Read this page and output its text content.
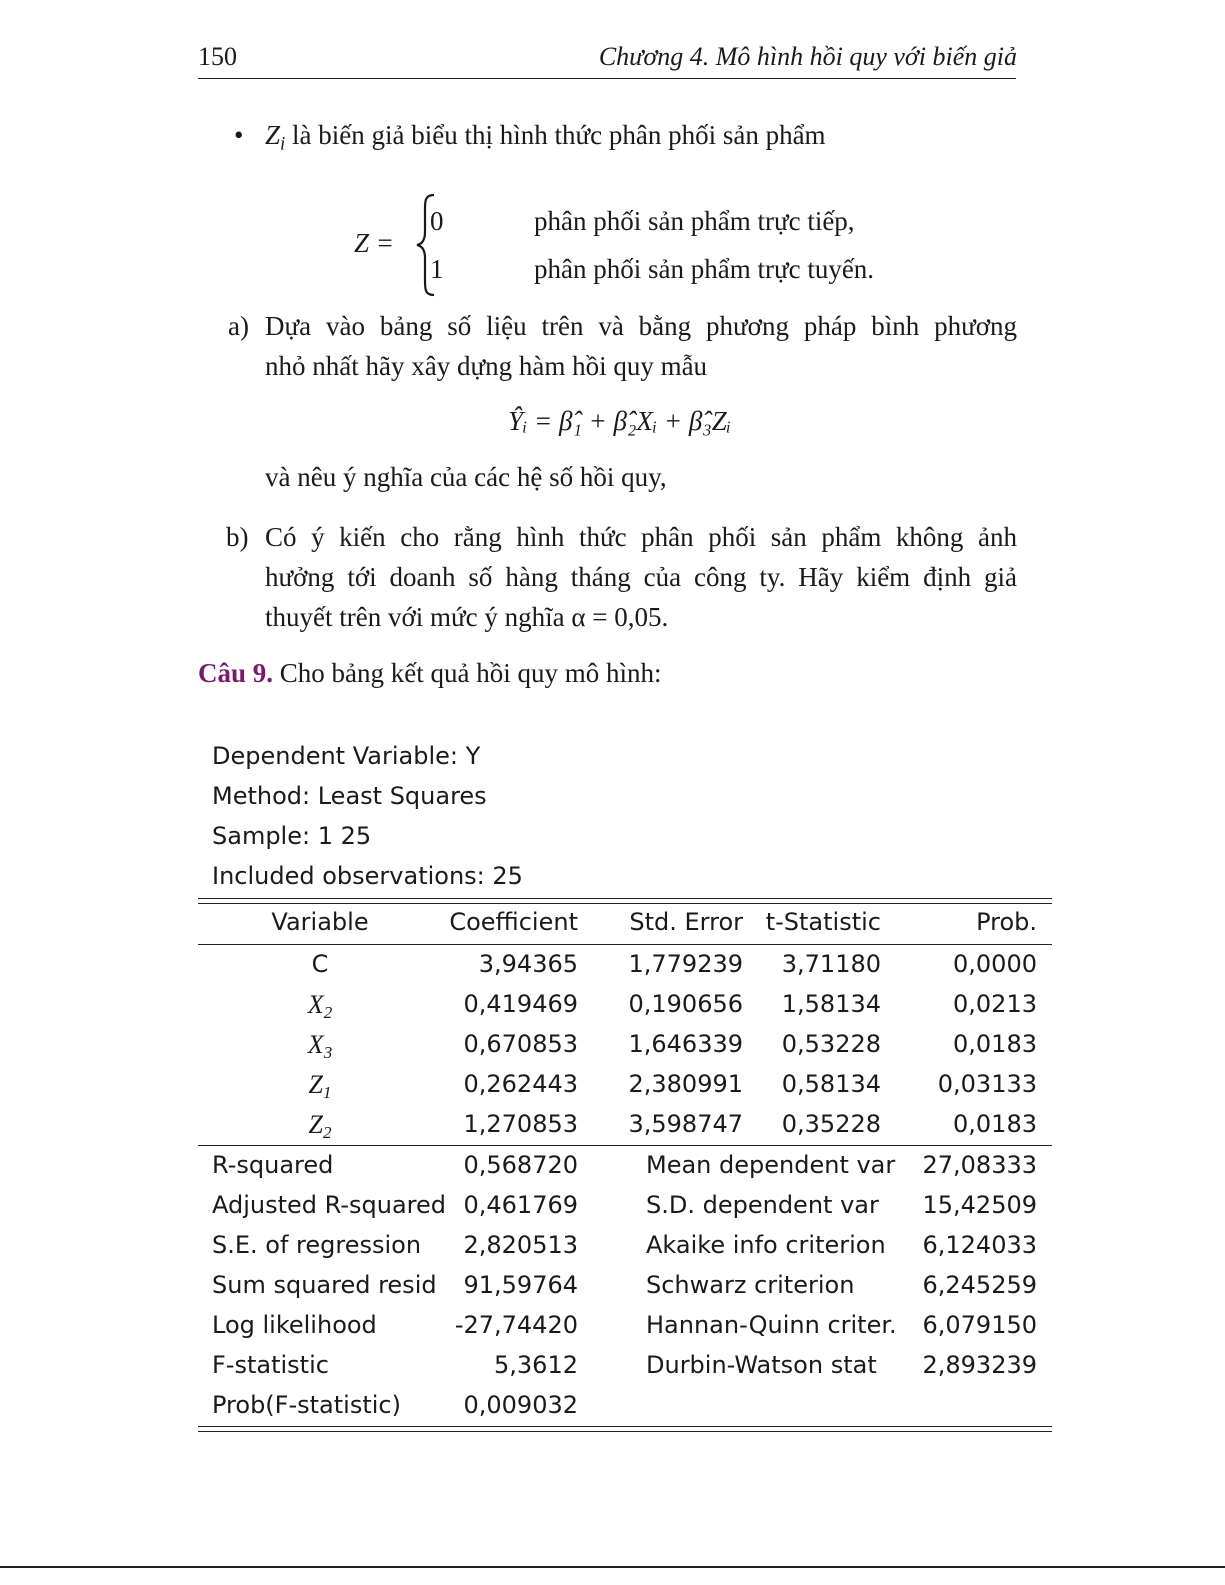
150	Chương 4. Mô hình hồi quy với biến giả
• $Z_i$ là biến giả biểu thị hình thức phân phối sản phẩm
Z =
0	phân phối sản phẩm trực tiếp,
1	phân phối sản phẩm trực tuyến.
a) Dựa vào bảng số liệu trên và bằng phương pháp bình phương
nhỏ nhất hãy xây dựng hàm hồi quy mẫu
Ŷᵢ = β̂₁ + β̂₂Xᵢ + β̂₃Zᵢ
và nêu ý nghĩa của các hệ số hồi quy,
b) Có ý kiến cho rằng hình thức phân phối sản phẩm không ảnh
hưởng tới doanh số hàng tháng của công ty. Hãy kiểm định giả
thuyết trên với mức ý nghĩa α = 0,05.
Câu 9. Cho bảng kết quả hồi quy mô hình:
Dependent Variable: Y
Method: Least Squares
Sample: 1 25
Included observations: 25
Variable	Coefficient	Std. Error t-Statistic	Prob.
C	3,94365	1,779239	3,71180	0,0000
$X_2$	0,419469	0,190656	1,58134	0,0213
$X_3$	0,670853	1,646339	0,53228	0,0183
$Z_1$	0,262443	2,380991	0,58134	0,03133
$Z_2$	1,270853	3,598747	0,35228	0,0183
R-squared	0,568720	Mean dependent var	27,08333
Adjusted R-squared 0,461769	S.D. dependent var	15,42509
S.E. of regression	2,820513	Akaike info criterion	6,124033
Sum squared resid	91,59764	Schwarz criterion	6,245259
Log likelihood	-27,74420	Hannan-Quinn criter.	6,079150
F-statistic	5,3612	Durbin-Watson stat	2,893239
Prob(F-statistic)	0,009032
